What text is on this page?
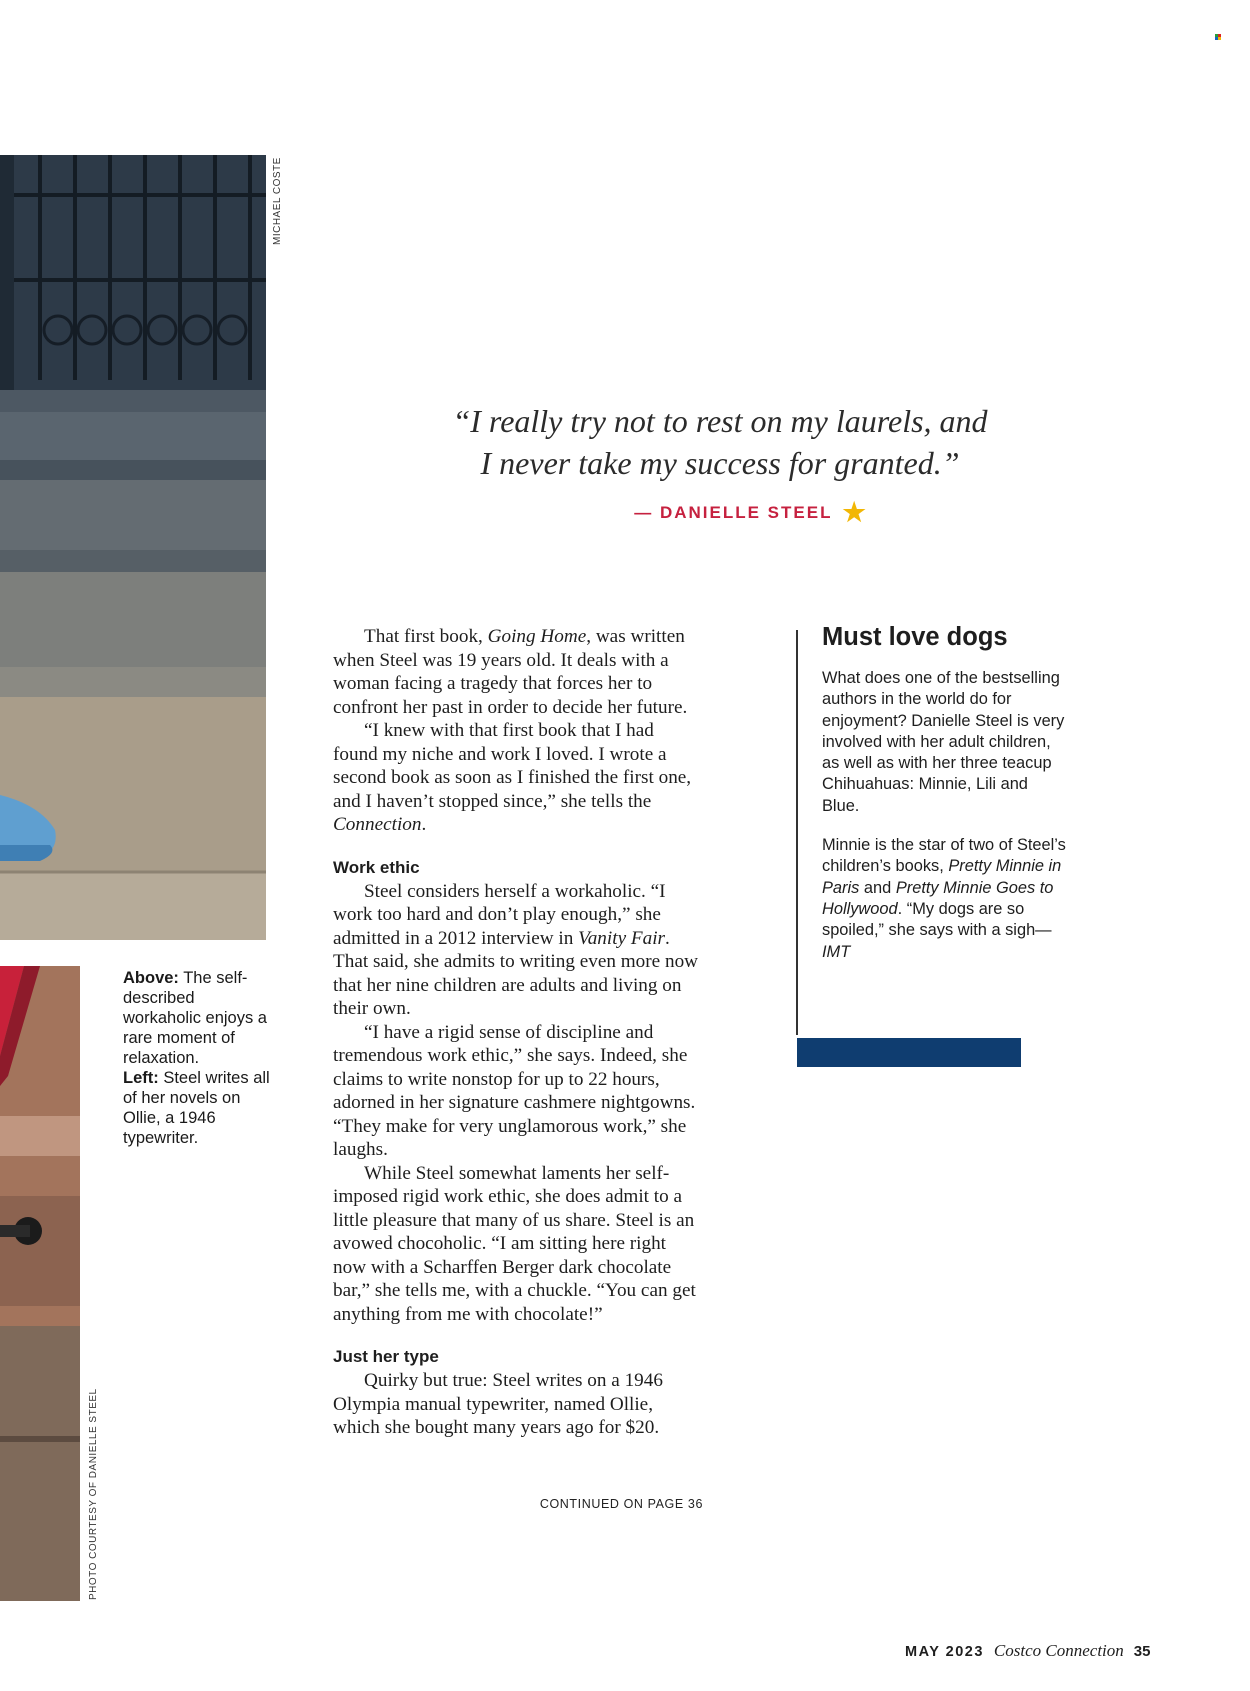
MICHAEL COSTE
PHOTO COURTESY OF DANIELLE STEEL
Above: The self-described workaholic enjoys a rare moment of relaxation.
Left: Steel writes all of her novels on Ollie, a 1946 typewriter.
“I really try not to rest on my laurels, and
I never take my success for granted.”
— DANIELLE STEEL ★

That first book, Going Home, was written when Steel was 19 years old. It deals with a woman facing a tragedy that forces her to confront her past in order to decide her future.

“I knew with that first book that I had found my niche and work I loved. I wrote a second book as soon as I finished the first one, and I haven’t stopped since,” she tells the Connection.

Work ethic

Steel considers herself a workaholic. “I work too hard and don’t play enough,” she admitted in a 2012 interview in Vanity Fair. That said, she admits to writing even more now that her nine children are adults and living on their own.

“I have a rigid sense of discipline and tremendous work ethic,” she says. Indeed, she claims to write nonstop for up to 22 hours, adorned in her signature cashmere nightgowns. “They make for very unglamorous work,” she laughs.

While Steel somewhat laments her self-imposed rigid work ethic, she does admit to a little pleasure that many of us share. Steel is an avowed chocoholic. “I am sitting here right now with a Scharffen Berger dark chocolate bar,” she tells me, with a chuckle. “You can get anything from me with chocolate!”

Just her type

Quirky but true: Steel writes on a 1946 Olympia manual typewriter, named Ollie, which she bought many years ago for $20.

CONTINUED ON PAGE 36
Must love dogs

What does one of the bestselling authors in the world do for enjoyment? Danielle Steel is very involved with her adult children, as well as with her three teacup Chihuahuas: Minnie, Lili and Blue.

Minnie is the star of two of Steel’s children’s books, Pretty Minnie in Paris and Pretty Minnie Goes to Hollywood. “My dogs are so spoiled,” she says with a sigh—IMT

MAY 2023 Costco Connection 35
